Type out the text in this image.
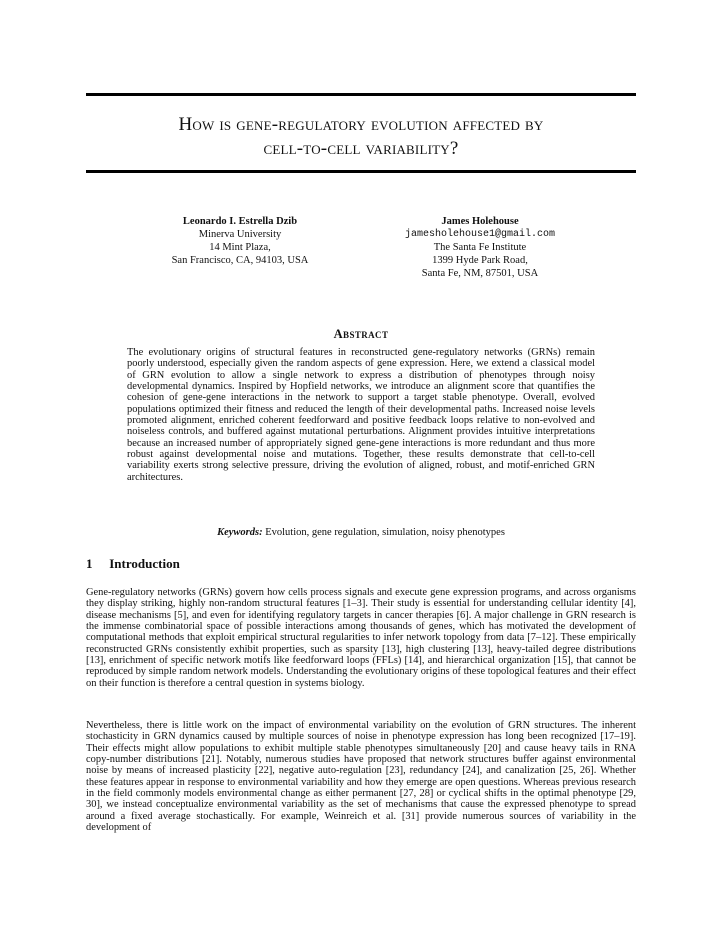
How is gene-regulatory evolution affected by
cell-to-cell variability?
Leonardo I. Estrella Dzib
Minerva University
14 Mint Plaza,
San Francisco, CA, 94103, USA
James Holehouse
jamesholehouse1@gmail.com
The Santa Fe Institute
1399 Hyde Park Road,
Santa Fe, NM, 87501, USA
Abstract
The evolutionary origins of structural features in reconstructed gene-regulatory networks (GRNs) remain poorly understood, especially given the random aspects of gene expression. Here, we extend a classical model of GRN evolution to allow a single network to express a distribution of phenotypes through noisy developmental dynamics. Inspired by Hopfield networks, we introduce an alignment score that quantifies the cohesion of gene-gene interactions in the network to support a target stable phenotype. Overall, evolved populations optimized their fitness and reduced the length of their developmental paths. Increased noise levels promoted alignment, enriched coherent feedforward and positive feedback loops relative to non-evolved and noiseless controls, and buffered against mutational perturbations. Alignment provides intuitive interpretations because an increased number of appropriately signed gene-gene interactions is more redundant and thus more robust against developmental noise and mutations. Together, these results demonstrate that cell-to-cell variability exerts strong selective pressure, driving the evolution of aligned, robust, and motif-enriched GRN architectures.
Keywords: Evolution, gene regulation, simulation, noisy phenotypes
1 Introduction
Gene-regulatory networks (GRNs) govern how cells process signals and execute gene expression programs, and across organisms they display striking, highly non-random structural features [1–3]. Their study is essential for understanding cellular identity [4], disease mechanisms [5], and even for identifying regulatory targets in cancer therapies [6]. A major challenge in GRN research is the immense combinatorial space of possible interactions among thousands of genes, which has motivated the development of computational methods that exploit empirical structural regularities to infer network topology from data [7–12]. These empirically reconstructed GRNs consistently exhibit properties, such as sparsity [13], high clustering [13], heavy-tailed degree distributions [13], enrichment of specific network motifs like feedforward loops (FFLs) [14], and hierarchical organization [15], that cannot be reproduced by simple random network models. Understanding the evolutionary origins of these topological features and their effect on their function is therefore a central question in systems biology.
Nevertheless, there is little work on the impact of environmental variability on the evolution of GRN structures. The inherent stochasticity in GRN dynamics caused by multiple sources of noise in phenotype expression has long been recognized [17–19]. Their effects might allow populations to exhibit multiple stable phenotypes simultaneously [20] and cause heavy tails in RNA copy-number distributions [21]. Notably, numerous studies have proposed that network structures buffer against environmental noise by means of increased plasticity [22], negative auto-regulation [23], redundancy [24], and canalization [25, 26]. Whether these features appear in response to environmental variability and how they emerge are open questions. Whereas previous research in the field commonly models environmental change as either permanent [27, 28] or cyclical shifts in the optimal phenotype [29, 30], we instead conceptualize environmental variability as the set of mechanisms that cause the expressed phenotype to spread around a fixed average stochastically. For example, Weinreich et al. [31] provide numerous sources of variability in the development of
